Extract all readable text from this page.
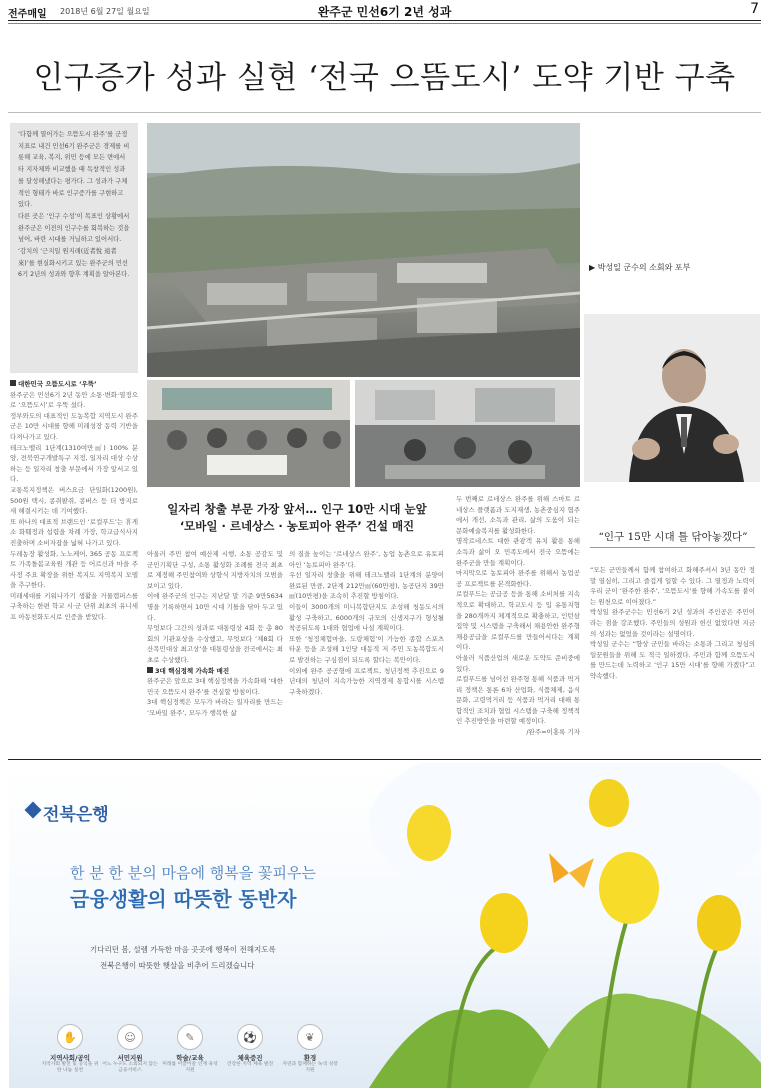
전주매일 2018년 6월 27일 월요일	완주군 민선6기 2년 성과	7
인구증가 성과 실현 ‘전국 으뜸도시’ 도약 기반 구축

‘다함께 열어가는 으뜸도시 완주’를 군정지표로 내건 민선6기 완주군은 경제를 비롯해 교육, 복지, 위민 등에 모든 면에서 타 지자체와 비교했을 때 독창적인 성과를 달성해냈다는 평가다. 그 성과가 구체적인 형태가 바로 인구증가를 구현하고 있다.

다른 곳은 ‘인구 수성’이 목표인 상황에서 완주군은 이전의 인구수를 회복하는 것을 넘어, 바란 시대를 거닐하고 있어서다.

‘감치의 ‘근지일 원지래(近者悅 遠者來)’를 현실화시키고 있는 완주군의 민선6기 2년의 성과와 향후 계획을 알아본다.

▶ 박성일 군수의 소회와 포부
“인구 15만 시대 틀 닦아놓겠다”
일자리 창출 부문 가장 앞서… 인구 10만 시대 눈앞
‘모바일 · 르네상스 · 농토피아 완주’ 건설 매진
대한민국 으뜸도시로 ‘우뚝’
완주군은 민선6기 2년 동안 소통·변화·열정으로 ‘으뜸도시’로 우뚝 섰다.
정부와도의 대표적인 도농복합 지역도시 완주군은 10만 시대를 향해 미래성장 동력 기반을 다져나가고 있다.
테크노밸리 1단계(1310여만㎡) 100% 분양, 전북연구개발특구 지정, 일자리 대상 수상하는 등 일자리 창출 부문에서 가장 앞서고 있다.
교통복지정책은 버스요금 단일화(1200원), 500원 택시, 콩쥐팥쥐, 콩버스 등 더 방지로 새 해결시키는 데 기여했다.
또 하나의 대표적 브랜드인 ‘로컬푸드’는 휴게소 화훼정과 섭렵을 차례 가장, 학교급식사지 진출하며 소비자잡을 넓혀 나가고 있다.
두레농장 활성화, 노노케어, 365 공동 프로젝트 가족돌봄교육원 개관 등 어르신과 마을 주 사정 주요 확장을 위한 복지도 지역복지 모델을 추구한다.
미래세대를 키워나가기 생활을 거물캠퍼스를 구축하는 한편 학교 시·군 단위 최초의 유니세프 아동친화도시로 인증을 받았다.
아울러 주민 참여 예산제 시행, 소통 공감도 및 군민기획단 구성, 소통 활성화 조례를 전국 최초로 제정해 주민참여와 상향식 지방자치의 모범을 보이고 있다.
이에 완주군의 인구는 지난달 말 기준 9만5634명을 기록하면서 10만 시대 기틀을 닦아 두고 있다.
무엇보다 그간의 성과로 대통령상 4회 등 총 80회의 기관포상을 수상했고, 무엇보다 ‘제8회 다산목민대상 최고상’을 대통령상을 전국에서는 최초로 수상했다.
3대 핵심정책 가속화 매진
완주군은 앞으로 3대 핵심정책을 가속화해 ‘대한민국 으뜸도시 완주’를 견실할 방침이다.
3대 핵심정책은 모두가 바라는 일자리를 만드는 ‘모바일 완주’, 모두가 행복한 삶
의 질을 높이는 ‘르네상스 완주’, 농업 농촌으로 유토피아인 ‘농토피아 완주’다.
우선 일자리 창출을 위해 테크노밸리 1단계의 분양이 완료된 만큼, 2단계 212만㎡(60만평), 농공단지 39만㎡(10만평)을 조속히 추진할 방침이다.
이들이 3000개의 미니복합단지도 조성해 청동도시의 활성 구축하고, 6000개의 규모의 신생지구가 형성될 착공뒤도록 1대와 협업에 나설 계획이다.
또한 ‘청정체험마을, 도랑체험’이 가능한 종합 스포츠 타운 등을 조성해 1인당 대동적 저 주민 도농복합도시로 발전하는 구심점이 되도록 할다는 복안이다.
이외에 완주 공공형에 프로젝트, 청년정책 추진으로 9년대의 청년이 지속가능한 지역경제 통합시를 시스템 구축하겠다.
두 번째로 르네상스 완주를 위해 스마트 르네상스 플랫폼과 도지재생, 농촌중심지 협주에서 개선, 소독과 관리, 삶의 도움이 되는 문화예술복지를 활성화한다.
명작르네스트 대한 관광객 유치 활용 통해 소득과 삶이 오 민족도에서 전국 으뜸에는 완주군을 만들 계획이다.
마지막으로 농토피아 완주를 위해서 농업공공 프로젝트를 본격화한다.
로컬푸드는 공급공 등을 통해 소비처를 지속적으로 확대하고, 학교도시 등 입 유통지형을 280개까지 체계적으로 확충하고, 인턴삼 집약 및 시스템을 구축해서 채용안한 완주형 채용공급을 로컬푸드를 만들어서다는 계획이다.
아울러 식품산업의 새로운 도약도 준비중에 있다.
로컬푸드를 넘어선 완주형 통해 식품과 먹거리 정책은 통론 6차 산업화, 식품체제, 음식문화, 고령먹거리 등 식품과 먹거리 대해 통합적인 조치과 협업 시스템을 구축해 정책적인 추진방안을 마련할 예정이다.
/완주=이홍록 기자
“모든 군민들께서 함께 참여하고 화해주셔서 3년 동안 정말 열심히, 그리고 즐겁게 일할 수 있다. 그 열정과 노력이 우리 군이 ‘완주한 완주’, ‘으뜸도시’를 향해 가속도를 붙이는 원천으로 이어졌다.”
박성일 완주군수는 민선6기 2년 성과의 주인공은 주민이라는 점을 강조했다. 주민들의 성원과 헌신 없었다면 지금의 성과는 없었을 것이라는 설명이다.
박성일 군수는 “향상 군민들 바라는 소통과 그리고 청심의 일꾼원들을 위해 도 적극 일하겠다. 주민과 함께 으뜸도시를 만드는데 노력하고 ‘인구 15만 시대’를 향해 가겠다”고 약속했다.
전북은행
한 분 한 분의 마음에 행복을 꽃피우는
금융생활의 따뜻한 동반자
기다리던 봄, 설렘 가득한 마음 곳곳에 행복이 전해지도록
전북은행이 따뜻한 햇살을 비추어 드리겠습니다
✋
지역사회/공익
지역사회 발전 및 공익을 위한 나눔 실천
☺
서민지원
어느 누구도 소외되지 않는 금융서비스
✎
학술/교육
미래를 이끌어갈 인재 육성 지원
⚽
체육증진
건강한 지역 체육 발전
❦
환경
자연과 함께하는 녹색 성장 지원
